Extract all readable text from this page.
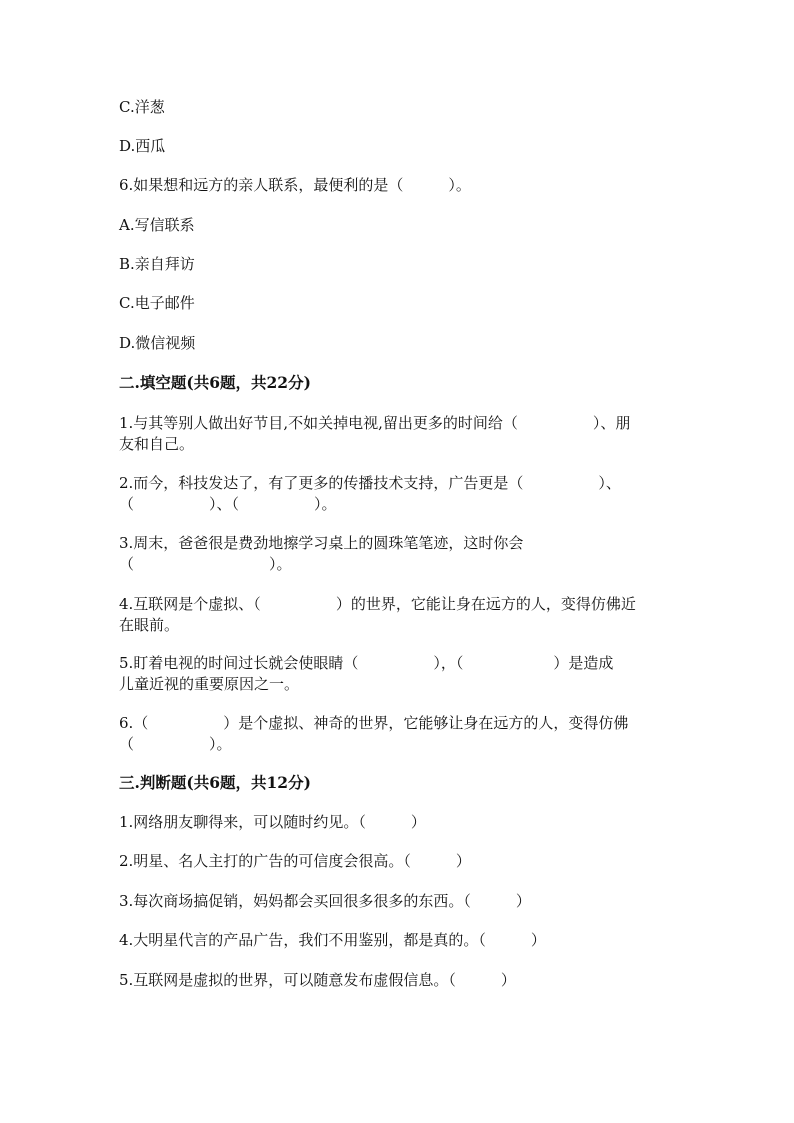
C.洋葱
D.西瓜
6.如果想和远方的亲人联系，最便利的是（　　　）。
A.写信联系
B.亲自拜访
C.电子邮件
D.微信视频
二.填空题(共6题，共22分)
1.与其等别人做出好节目,不如关掉电视,留出更多的时间给（　　　　　）、朋
友和自己。
2.而今，科技发达了，有了更多的传播技术支持，广告更是（　　　　　）、
（　　　　　）、（　　　　　）。
3.周末，爸爸很是费劲地擦学习桌上的圆珠笔笔迹，这时你会
（　　　　　　　　　）。
4.互联网是个虚拟、（　　　　　）的世界，它能让身在远方的人，变得仿佛近
在眼前。
5.盯着电视的时间过长就会使眼睛（　　　　　），（　　　　　　）是造成
儿童近视的重要原因之一。
6.（　　　　　）是个虚拟、神奇的世界，它能够让身在远方的人，变得仿佛
（　　　　　）。
三.判断题(共6题，共12分)
1.网络朋友聊得来，可以随时约见。（　　　）
2.明星、名人主打的广告的可信度会很高。（　　　）
3.每次商场搞促销，妈妈都会买回很多很多的东西。（　　　）
4.大明星代言的产品广告，我们不用鉴别，都是真的。（　　　）
5.互联网是虚拟的世界，可以随意发布虚假信息。（　　　）
